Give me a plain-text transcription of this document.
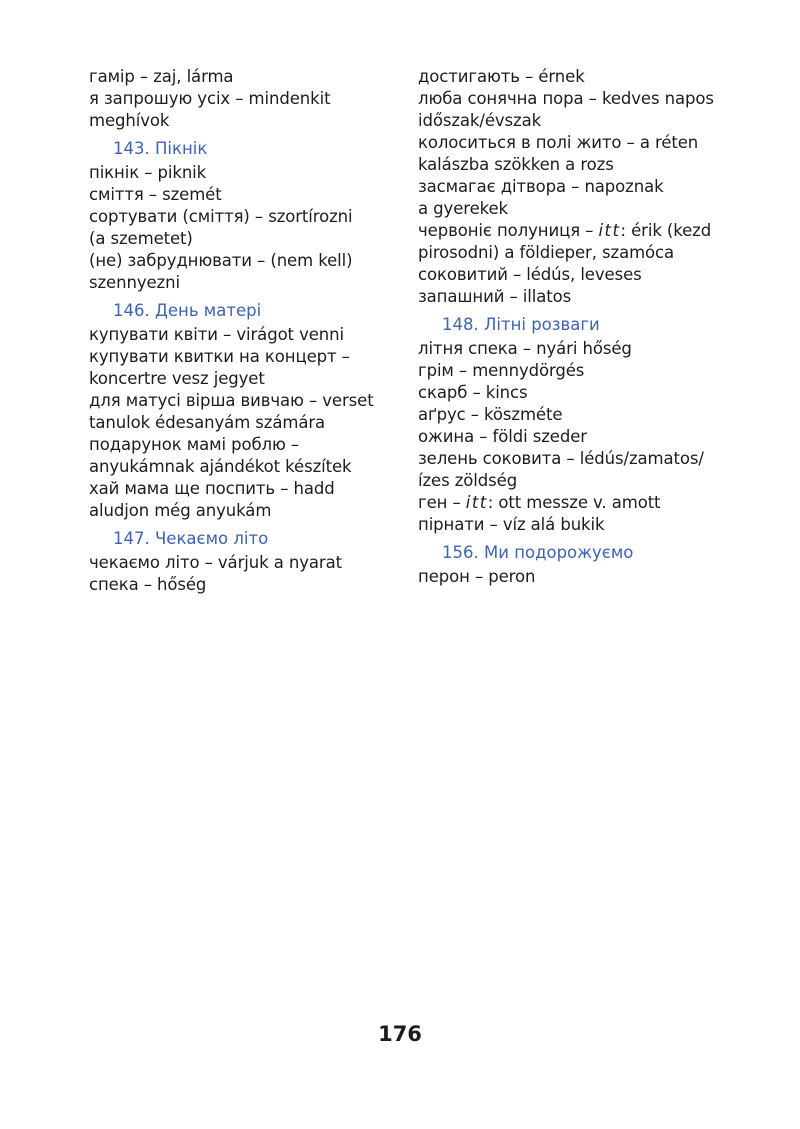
гамір – zaj, lárma
я запрошую усіх – mindenkit
meghívok
143. Пікнік
пікнік – piknik
сміття – szemét
сортувати (сміття) – szortírozni
(a szemetet)
(не) забруднювати – (nem kell)
szennyezni
146. День матері
купувати квіти – virágot venni
купувати квитки на концерт –
koncertre vesz jegyet
для матусі вірша вивчаю – verset
tanulok édesanyám számára
подарунок мамі роблю –
anyukámnak ajándékot készítek
хай мама ще поспить – hadd
aludjon még anyukám
147. Чекаємо літо
чекаємо літо – várjuk a nyarat
спека – hőség
достигають – érnek
люба сонячна пора – kedves napos
időszak/évszak
колоситься в полі жито – a réten
kalászba szökken a rozs
засмагає дітвора – napoznak
a gyerekek
червоніє полуниця – itt: érik (kezd
pirosodni) a földieper, szamóca
соковитий – lédús, leveses
запашний – illatos
148. Літні розваги
літня спека – nyári hőség
грім – mennydörgés
скарб – kincs
аґрус – köszméte
ожина – földi szeder
зелень соковита – lédús/zamatos/
ízes zöldség
ген – itt: ott messze v. amott
пірнати – víz alá bukik
156. Ми подорожуємо
перон – peron
176
